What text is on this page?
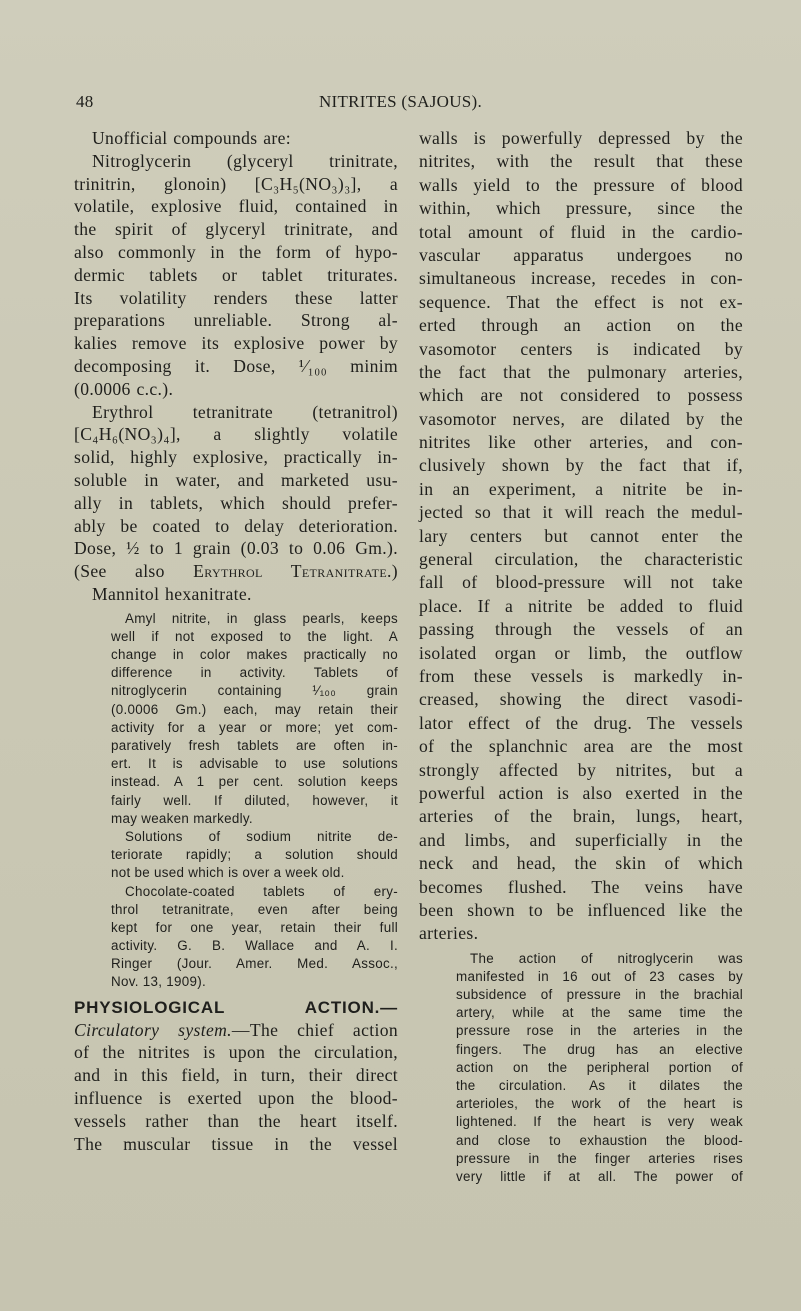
48	NITRITES (SAJOUS).
Unofficial compounds are:
Nitroglycerin (glyceryl trinitrate,
trinitrin, glonoin) [C₃H₅(NO₃)₃], a
volatile, explosive fluid, contained in
the spirit of glyceryl trinitrate, and
also commonly in the form of hypo-
dermic tablets or tablet triturates.
Its volatility renders these latter
preparations unreliable. Strong al-
kalies remove its explosive power by
decomposing it. Dose, ¹⁄₁₀₀ minim
(0.0006 c.c.).
Erythrol tetranitrate (tetranitrol)
[C₄H₆(NO₃)₄], a slightly volatile
solid, highly explosive, practically in-
soluble in water, and marketed usu-
ally in tablets, which should prefer-
ably be coated to delay deterioration.
Dose, ½ to 1 grain (0.03 to 0.06 Gm.).
(See also Erythrol Tetranitrate.)
Mannitol hexanitrate.
Amyl nitrite, in glass pearls, keeps
well if not exposed to the light. A
change in color makes practically no
difference in activity. Tablets of
nitroglycerin containing ¹⁄₁₀₀ grain
(0.0006 Gm.) each, may retain their
activity for a year or more; yet com-
paratively fresh tablets are often in-
ert. It is advisable to use solutions
instead. A 1 per cent. solution keeps
fairly well. If diluted, however, it
may weaken markedly.
Solutions of sodium nitrite de-
teriorate rapidly; a solution should
not be used which is over a week old.
Chocolate-coated tablets of ery-
throl tetranitrate, even after being
kept for one year, retain their full
activity. G. B. Wallace and A. I.
Ringer (Jour. Amer. Med. Assoc.,
Nov. 13, 1909).
PHYSIOLOGICAL ACTION.—
Circulatory system.—The chief action
of the nitrites is upon the circulation,
and in this field, in turn, their direct
influence is exerted upon the blood-
vessels rather than the heart itself.
The muscular tissue in the vessel
walls is powerfully depressed by the
nitrites, with the result that these
walls yield to the pressure of blood
within, which pressure, since the
total amount of fluid in the cardio-
vascular apparatus undergoes no
simultaneous increase, recedes in con-
sequence. That the effect is not ex-
erted through an action on the
vasomotor centers is indicated by
the fact that the pulmonary arteries,
which are not considered to possess
vasomotor nerves, are dilated by the
nitrites like other arteries, and con-
clusively shown by the fact that if,
in an experiment, a nitrite be in-
jected so that it will reach the medul-
lary centers but cannot enter the
general circulation, the characteristic
fall of blood-pressure will not take
place. If a nitrite be added to fluid
passing through the vessels of an
isolated organ or limb, the outflow
from these vessels is markedly in-
creased, showing the direct vasodi-
lator effect of the drug. The vessels
of the splanchnic area are the most
strongly affected by nitrites, but a
powerful action is also exerted in the
arteries of the brain, lungs, heart,
and limbs, and superficially in the
neck and head, the skin of which
becomes flushed. The veins have
been shown to be influenced like the
arteries.
The action of nitroglycerin was
manifested in 16 out of 23 cases by
subsidence of pressure in the brachial
artery, while at the same time the
pressure rose in the arteries in the
fingers. The drug has an elective
action on the peripheral portion of
the circulation. As it dilates the
arterioles, the work of the heart is
lightened. If the heart is very weak
and close to exhaustion the blood-
pressure in the finger arteries rises
very little if at all. The power of
